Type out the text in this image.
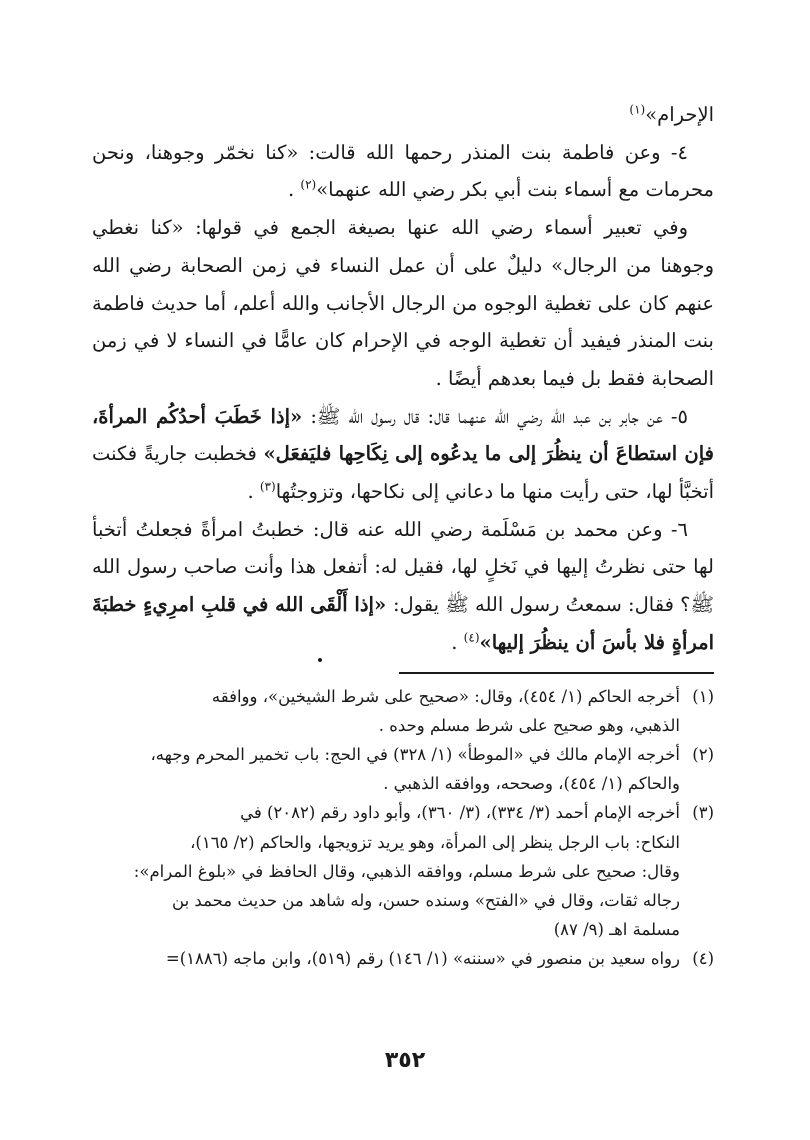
الإحرام»$^{(١)}$

٤- وعن فاطمة بنت المنذر رحمها الله قالت: «كنا نخمّر وجوهنا، ونحن محرمات مع أسماء بنت أبي بكر رضي الله عنهما»$^{(٢)}$ .

وفي تعبير أسماء رضي الله عنها بصيغة الجمع في قولها: «كنا نغطي وجوهنا من الرجال» دليلٌ على أن عمل النساء في زمن الصحابة رضي الله عنهم كان على تغطية الوجوه من الرجال الأجانب والله أعلم، أما حديث فاطمة بنت المنذر فيفيد أن تغطية الوجه في الإحرام كان عامًّا في النساء لا في زمن الصحابة فقط بل فيما بعدهم أيضًا .

٥- عن جابر بن عبد الله رضي الله عنهما قال: قال رسول الله ﷺ: «إذا خَطَبَ أحدُكُم المرأةَ، فإن استطاعَ أن ينظُرَ إلى ما يدعُوه إلى نِكَاحِها فليَفعَل» فخطبت جاريةً فكنت أتخبَّأ لها، حتى رأيت منها ما دعاني إلى نكاحها، وتزوجتُها$^{(٣)}$ .

٦- وعن محمد بن مَسْلَمة رضي الله عنه قال: خطبتُ امرأةً فجعلتُ أتخبأ لها حتى نظرتُ إليها في نَخلٍ لها، فقيل له: أتفعل هذا وأنت صاحب رسول الله ﷺ؟ فقال: سمعتُ رسول الله ﷺ يقول: «إذا أَلْقَى الله في قلبِ امرِيءٍ خطبَةَ امرأةٍ فلا بأسَ أن ينظُرَ إليها»$^{(٤)}$ .

(١)
أخرجه الحاكم (١/ ٤٥٤)، وقال: «صحيح على شرط الشيخين»، ووافقه
الذهبي، وهو صحيح على شرط مسلم وحده .
(٢)
أخرجه الإمام مالك في «الموطأ» (١/ ٣٢٨) في الحج: باب تخمير المحرم وجهه،
والحاكم (١/ ٤٥٤)، وصححه، ووافقه الذهبي .
(٣)
أخرجه الإمام أحمد (٣/ ٣٣٤)، (٣/ ٣٦٠)، وأبو داود رقم (٢٠٨٢) في
النكاح: باب الرجل ينظر إلى المرأة، وهو يريد تزويجها، والحاكم (٢/ ١٦٥)،
وقال: صحيح على شرط مسلم، ووافقه الذهبي، وقال الحافظ في «بلوغ المرام»:
رجاله ثقات، وقال في «الفتح» وسنده حسن، وله شاهد من حديث محمد بن
مسلمة اهـ (٩/ ٨٧)
(٤)
رواه سعيد بن منصور في «سننه» (١/ ١٤٦) رقم (٥١٩)، وابن ماجه (١٨٨٦)=
٣٥٢
